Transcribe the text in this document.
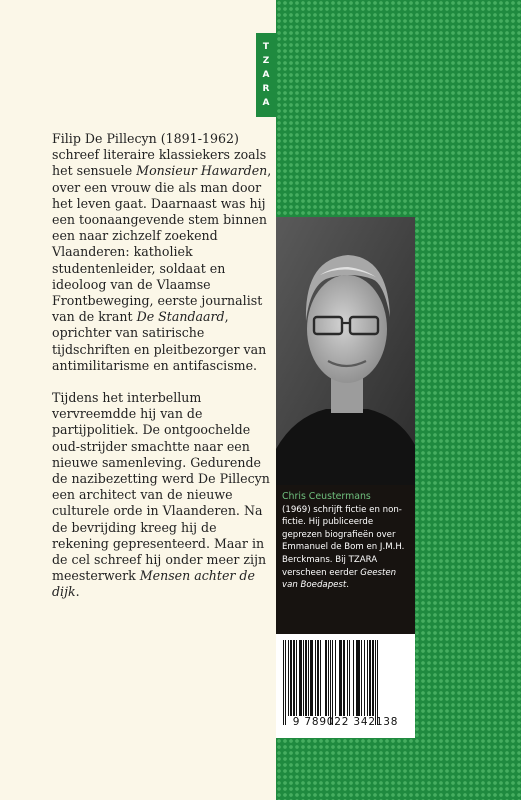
T
Z
A
R
A

Filip De Pillecyn (1891-1962) schreef literaire klassiekers zoals het sensuele Monsieur Hawarden, over een vrouw die als man door het leven gaat. Daarnaast was hij een toonaangevende stem binnen een naar zichzelf zoekend Vlaanderen: katholiek studentenleider, soldaat en ideoloog van de Vlaamse Frontbeweging, eerste journalist van de krant De Standaard, oprichter van satirische tijdschriften en pleitbezorger van antimilitarisme en antifascisme.

Tijdens het interbellum vervreemdde hij van de partijpolitiek. De ontgoochelde oud-strijder smachtte naar een nieuwe samenleving. Gedurende de nazibezetting werd De Pillecyn een architect van de nieuwe culturele orde in Vlaanderen. Na de bevrijding kreeg hij de rekening gepresenteerd. Maar in de cel schreef hij onder meer zijn meesterwerk Mensen achter de dijk.

Chris Ceustermans
(1969) schrijft fictie en non-fictie. Hij publiceerde geprezen biografieën over Emmanuel de Bom en J.M.H. Berckmans. Bij TZARA verscheen eerder Geesten van Boedapest.
9 789022 342138
